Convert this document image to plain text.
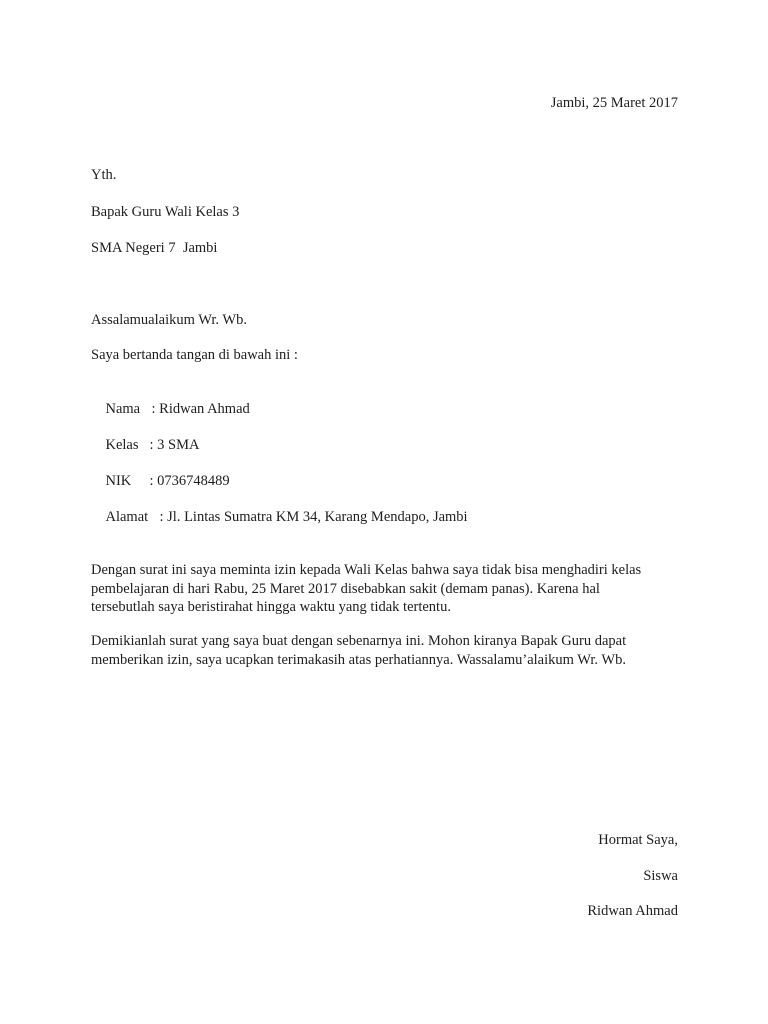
Jambi, 25 Maret 2017
Yth.
Bapak Guru Wali Kelas 3
SMA Negeri 7  Jambi
Assalamualaikum Wr. Wb.
Saya bertanda tangan di bawah ini :

Nama : Ridwan Ahmad

Kelas : 3 SMA

NIK : 0736748489

Alamat : Jl. Lintas Sumatra KM 34, Karang Mendapo, Jambi

Dengan surat ini saya meminta izin kepada Wali Kelas bahwa saya tidak bisa menghadiri kelas
pembelajaran di hari Rabu, 25 Maret 2017 disebabkan sakit (demam panas). Karena hal
tersebutlah saya beristirahat hingga waktu yang tidak tertentu.
Demikianlah surat yang saya buat dengan sebenarnya ini. Mohon kiranya Bapak Guru dapat
memberikan izin, saya ucapkan terimakasih atas perhatiannya. Wassalamu’alaikum Wr. Wb.
Hormat Saya,
Siswa
Ridwan Ahmad
